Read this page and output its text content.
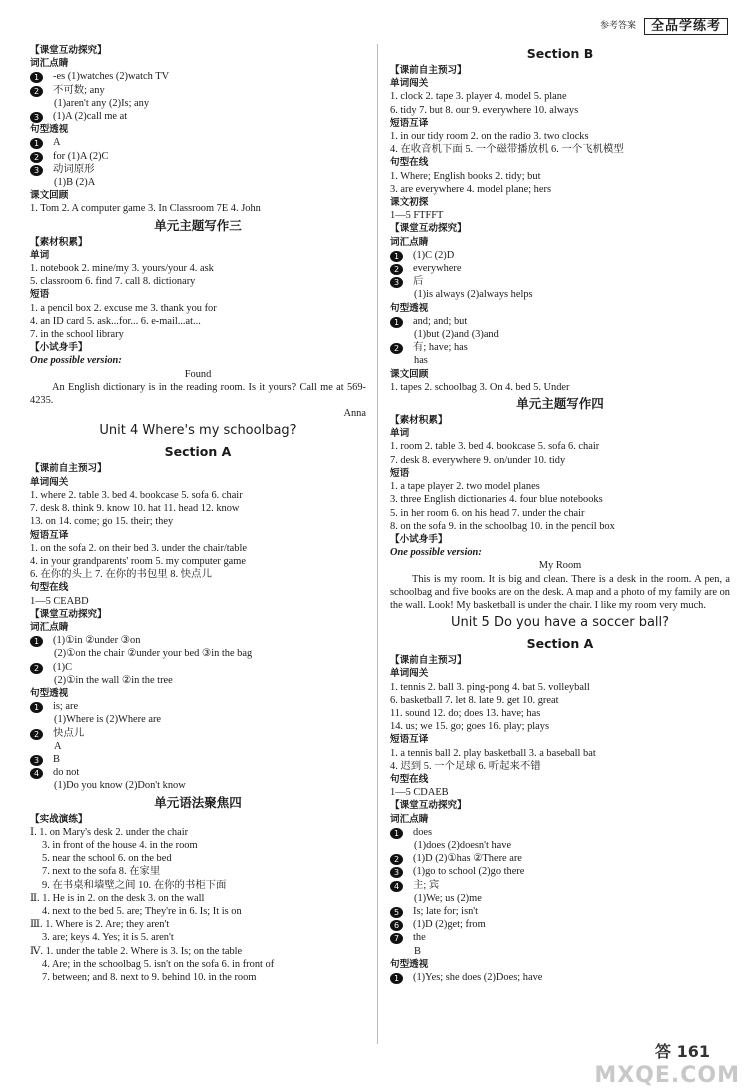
参考答案	全品学练考
【课堂互动探究】
词汇点睛
1 -es (1)watches (2)watch TV
2 不可数; any
(1)aren't any (2)Is; any
3 (1)A (2)call me at
句型透视
1 A
2 for (1)A (2)C
3 动词原形
(1)B (2)A
课文回顾
1. Tom 2. A computer game 3. In Classroom 7E 4. John
单元主题写作三
【素材积累】
单词
1. notebook 2. mine/my 3. yours/your 4. ask
5. classroom 6. find 7. call 8. dictionary
短语
1. a pencil box 2. excuse me 3. thank you for
4. an ID card 5. ask...for... 6. e-mail...at...
7. in the school library
【小试身手】
One possible version:
Found
An English dictionary is in the reading room. Is it yours? Call me at 569-4235.
Anna
Unit 4 Where's my schoolbag?
Section A
【课前自主预习】
单词闯关
1. where 2. table 3. bed 4. bookcase 5. sofa 6. chair
7. desk 8. think 9. know 10. hat 11. head 12. know
13. on 14. come; go 15. their; they
短语互译
1. on the sofa 2. on their bed 3. under the chair/table
4. in your grandparents' room 5. my computer game
6. 在你的头上 7. 在你的书包里 8. 快点儿
句型在线
1—5 CEABD
【课堂互动探究】
词汇点睛
1 (1)①in ②under ③on
(2)①on the chair ②under your bed ③in the bag
2 (1)C
(2)①in the wall ②in the tree
句型透视
1 is; are
(1)Where is (2)Where are
2 快点儿
A
3 B
4 do not
(1)Do you know (2)Don't know
单元语法聚焦四
【实战演练】
Ⅰ. 1. on Mary's desk 2. under the chair
3. in front of the house 4. in the room
5. near the school 6. on the bed
7. next to the sofa 8. 在家里
9. 在书桌和墙壁之间 10. 在你的书柜下面
Ⅱ. 1. He is in 2. on the desk 3. on the wall
4. next to the bed 5. are; They're in 6. Is; It is on
Ⅲ. 1. Where is 2. Are; they aren't
3. are; keys 4. Yes; it is 5. aren't
Ⅳ. 1. under the table 2. Where is 3. Is; on the table
4. Are; in the schoolbag 5. isn't on the sofa 6. in front of
7. between; and 8. next to 9. behind 10. in the room
Section B
【课前自主预习】
单词闯关
1. clock 2. tape 3. player 4. model 5. plane
6. tidy 7. but 8. our 9. everywhere 10. always
短语互译
1. in our tidy room 2. on the radio 3. two clocks
4. 在收音机下面 5. 一个磁带播放机 6. 一个飞机模型
句型在线
1. Where; English books 2. tidy; but
3. are everywhere 4. model plane; hers
课文初探
1—5 FTFFT
【课堂互动探究】
词汇点睛
1 (1)C (2)D
2 everywhere
3 后
(1)is always (2)always helps
句型透视
1 and; and; but
(1)but (2)and (3)and
2 有; have; has
has
课文回顾
1. tapes 2. schoolbag 3. On 4. bed 5. Under
单元主题写作四
【素材积累】
单词
1. room 2. table 3. bed 4. bookcase 5. sofa 6. chair
7. desk 8. everywhere 9. on/under 10. tidy
短语
1. a tape player 2. two model planes
3. three English dictionaries 4. four blue notebooks
5. in her room 6. on his head 7. under the chair
8. on the sofa 9. in the schoolbag 10. in the pencil box
【小试身手】
One possible version:
My Room
This is my room. It is big and clean. There is a desk in the room. A pen, a schoolbag and five books are on the desk. A map and a photo of my family are on the wall. Look! My basketball is under the chair. I like my room very much.
Unit 5 Do you have a soccer ball?
Section A
【课前自主预习】
单词闯关
1. tennis 2. ball 3. ping-pong 4. bat 5. volleyball
6. basketball 7. let 8. late 9. get 10. great
11. sound 12. do; does 13. have; has
14. us; we 15. go; goes 16. play; plays
短语互译
1. a tennis ball 2. play basketball 3. a baseball bat
4. 迟到 5. 一个足球 6. 听起来不错
句型在线
1—5 CDAEB
【课堂互动探究】
词汇点睛
1 does
(1)does (2)doesn't have
2 (1)D (2)①has ②There are
3 (1)go to school (2)go there
4 主; 宾
(1)We; us (2)me
5 Is; late for; isn't
6 (1)D (2)get; from
7 the
B
句型透视
1 (1)Yes; she does (2)Does; have
答 161
MXQE.COM
